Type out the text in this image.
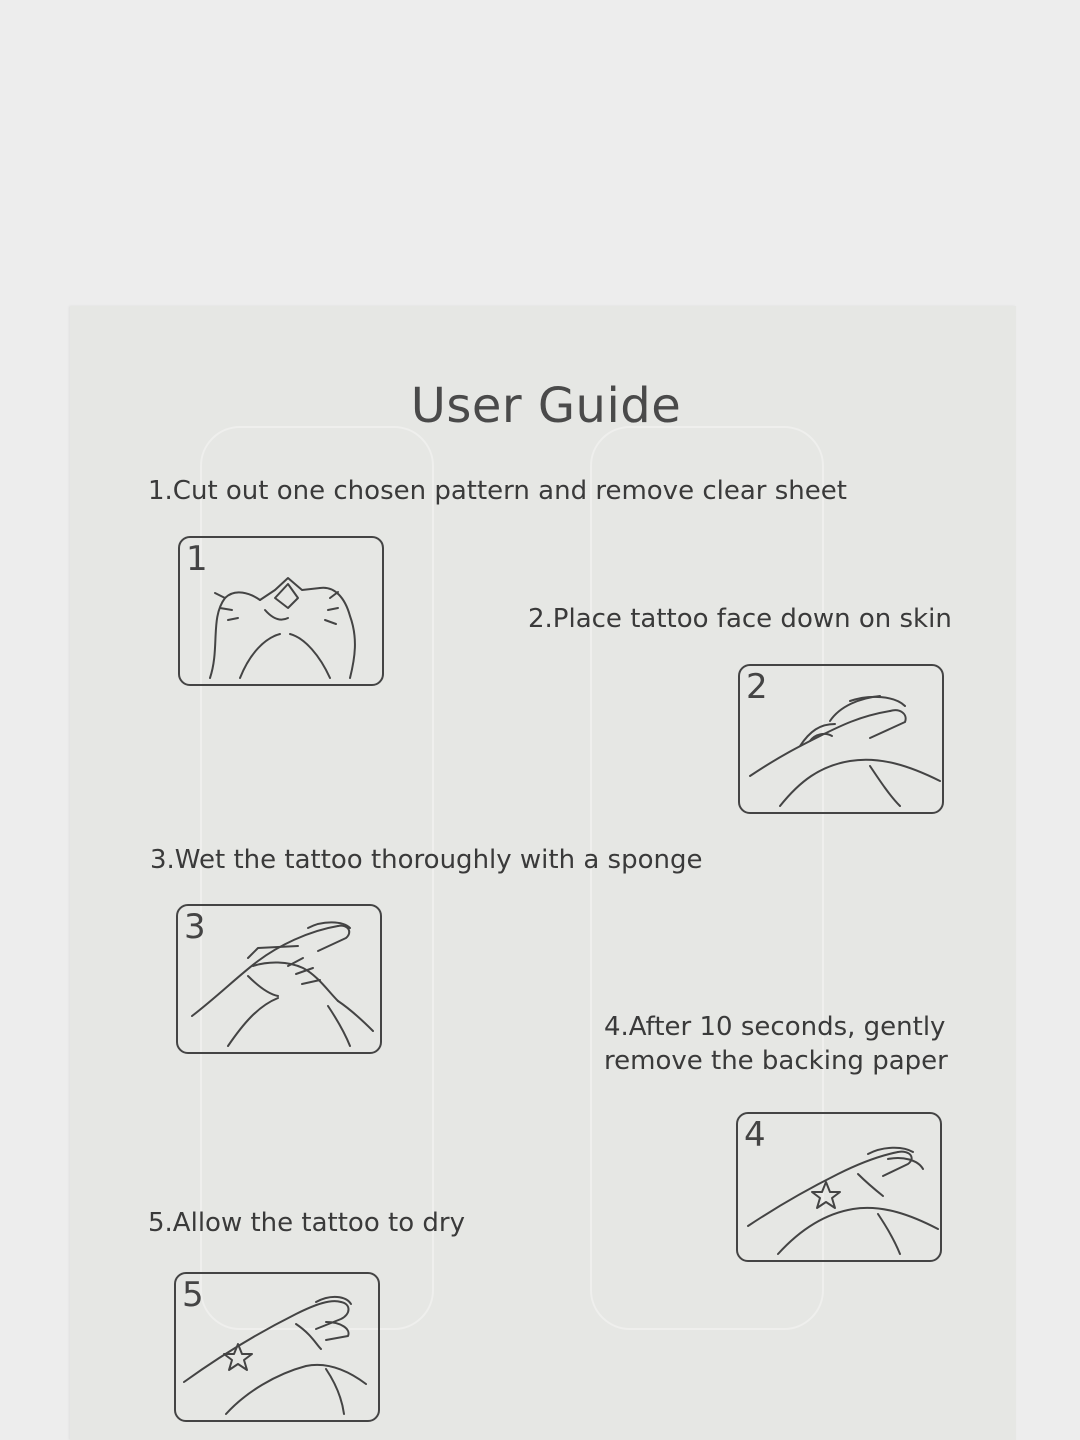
User Guide
1.Cut out one chosen pattern and remove clear sheet
1
2.Place tattoo face down on skin
2
3.Wet the tattoo thoroughly with a sponge
3
4.After 10 seconds, gently
remove the backing paper
4
5.Allow the tattoo to dry
5
